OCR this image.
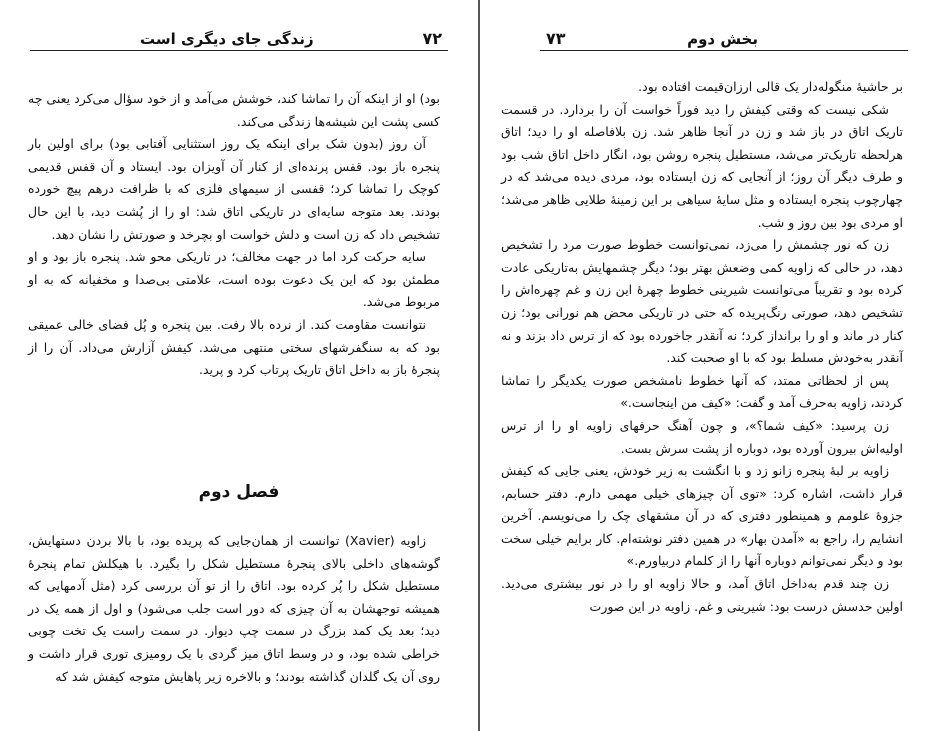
زندگی جای دیگری است	۷۲

بود) او از اینکه آن را تماشا کند، خوشش می‌آمد و از خود سؤال می‌کرد یعنی چه کسی پشت این شیشه‌ها زندگی می‌کند.

آن روز (بدون شک برای اینکه یک روز استثنایی آفتابی بود) برای اولین بار پنجره باز بود. قفس پرنده‌ای از کنار آن آویزان بود. ایستاد و آن قفس قدیمی کوچک را تماشا کرد؛ قفسی از سیمهای فلزی که با ظرافت درهم پیچ خورده بودند. بعد متوجه سایه‌ای در تاریکی اتاق شد: او را از پُشت دید، با این حال تشخیص داد که زن است و دلش خواست او بچرخد و صورتش را نشان دهد.

سایه حرکت کرد اما در جهت مخالف؛ در تاریکی محو شد. پنجره باز بود و او مطمئن بود که این یک دعوت بوده است، علامتی بی‌صدا و مخفیانه که به او مربوط می‌شد.

نتوانست مقاومت کند. از نرده بالا رفت. بین پنجره و پُل فضای خالی عمیقی بود که به سنگفرشهای سختی منتهی می‌شد. کیفش آزارش می‌داد. آن را از پنجرهٔ باز به داخل اتاق تاریک پرتاب کرد و پرید.

فصل دوم

زاویه (Xavier) توانست از همان‌جایی که پریده بود، با بالا بردن دستهایش، گوشه‌های داخلی بالای پنجرهٔ مستطیل شکل را بگیرد. با هیکلش تمام پنجرهٔ مستطیل شکل را پُر کرده بود. اتاق را از تو آن بررسی کرد (مثل آدمهایی که همیشه توجهشان به آن چیزی که دور است جلب می‌شود) و اول از همه یک در دید؛ بعد یک کمد بزرگ در سمت چپ دیوار. در سمت راست یک تخت چوبی خراطی شده بود، و در وسط اتاق میز گردی با یک رومیزی توری قرار داشت و روی آن یک گلدان گذاشته بودند؛ و بالاخره زیر پاهایش متوجه کیفش شد که

بخش دوم
۷۳

بر حاشیهٔ منگوله‌دار یک قالی ارزان‌قیمت افتاده بود.

شکی نیست که وقتی کیفش را دید فوراً خواست آن را بردارد. در قسمت تاریک اتاق در باز شد و زن در آنجا ظاهر شد. زن بلافاصله او را دید؛ اتاق هرلحظه تاریک‌تر می‌شد، مستطیل پنجره روشن بود، انگار داخل اتاق شب بود و طرف دیگر آن روز؛ از آنجایی که زن ایستاده بود، مردی دیده می‌شد که در چهارچوب پنجره ایستاده و مثل سایهٔ سیاهی بر این زمینهٔ طلایی ظاهر می‌شد؛ او مردی بود بین روز و شب.

زن که نور چشمش را می‌زد، نمی‌توانست خطوط صورت مرد را تشخیص دهد، در حالی که زاویه کمی وضعش بهتر بود؛ دیگر چشمهایش به‌تاریکی عادت کرده بود و تقریباً می‌توانست شیرینی خطوط چهرهٔ این زن و غم چهره‌اش را تشخیص دهد، صورتی رنگ‌پریده که حتی در تاریکی محض هم نورانی بود؛ زن کنار در ماند و او را برانداز کرد؛ نه آنقدر جاخورده بود که از ترس داد بزند و نه آنقدر به‌خودش مسلط بود که با او صحبت کند.

پس از لحظاتی ممتد، که آنها خطوط نامشخص صورت یکدیگر را تماشا کردند، زاویه به‌حرف آمد و گفت: «کیف من اینجاست.»

زن پرسید: «کیف شما؟»، و چون آهنگ حرفهای زاویه او را از ترس اولیه‌اش بیرون آورده بود، دوباره از پشت سرش بست.

زاویه بر لبهٔ پنجره زانو زد و با انگشت به زیر خودش، یعنی جایی که کیفش قرار داشت، اشاره کرد: «توی آن چیزهای خیلی مهمی دارم. دفتر حسابم، جزوهٔ علومم و همینطور دفتری که در آن مشقهای چک را می‌نویسم. آخرین انشایم را، راجع به «آمدن بهار» در همین دفتر نوشته‌ام. کار برایم خیلی سخت بود و دیگر نمی‌توانم دوباره آنها را از کلمام دربیاورم.»

زن چند قدم به‌داخل اتاق آمد، و حالا زاویه او را در نور بیشتری می‌دید. اولین حدسش درست بود: شیرینی و غم. زاویه در این صورت
